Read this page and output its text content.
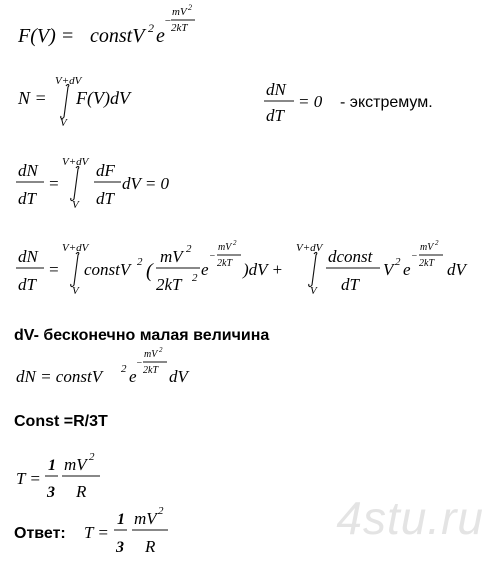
4stu.ru
F(V) = constV 2 e
−
mV 2
2kT
N =
V+dV
V
F(V)dV	dN
dT
= 0 - экстремум.
dN
dT
=
V+dV
V
dF
dT
dV = 0
dN
dT
=
V+dV
V
constV 2 (
mV 2
2kT 2 e
−
mV 2
2kT )dV +
V+dV
V
dconst
dT
V 2 e
−
mV 2
2kT dV
dV- бесконечно малая величина
dN = constV 2 e
−
mV 2
2kT dV
Const =R/3T
T =
1
3
mV 2
R
Ответ: T =
1
3
mV 2
R
